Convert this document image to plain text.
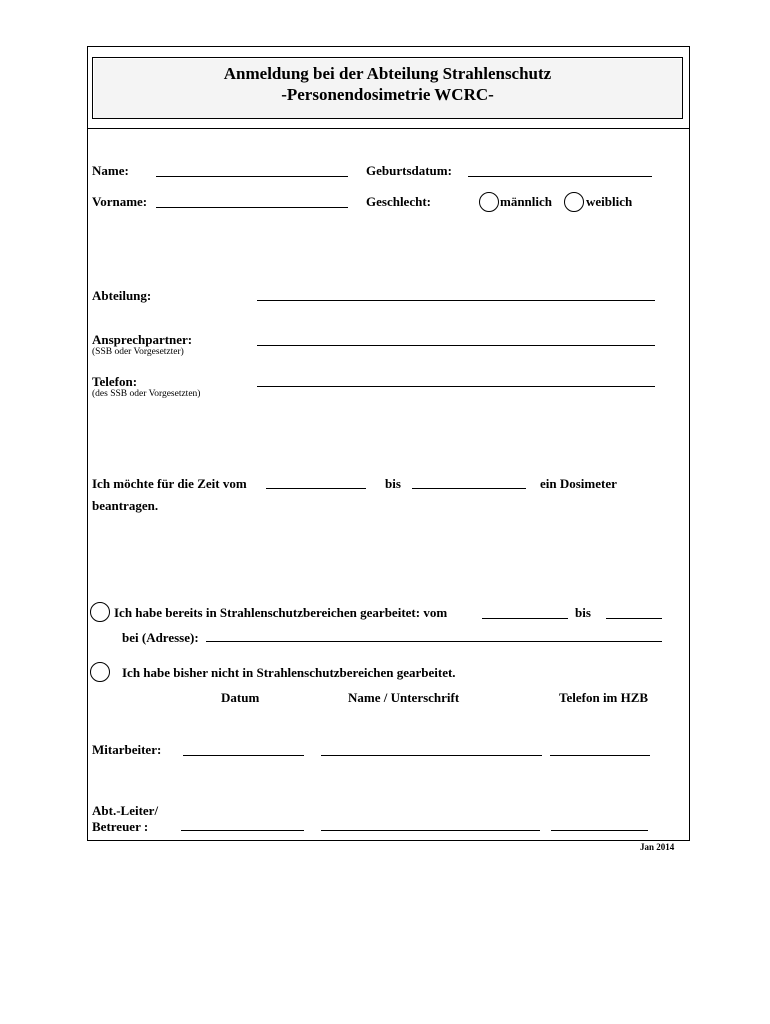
Anmeldung bei der Abteilung Strahlenschutz
-Personendosimetrie WCRC-
Name:	Geburtsdatum:
Vorname:	Geschlecht:	männlich	weiblich
Abteilung:
Ansprechpartner:
(SSB oder Vorgesetzter)
Telefon:
(des SSB oder Vorgesetzten)
Ich möchte für die Zeit vom	bis	ein Dosimeter
beantragen.
Ich habe bereits in Strahlenschutzbereichen gearbeitet: vom	bis
bei (Adresse):
Ich habe bisher nicht in Strahlenschutzbereichen gearbeitet.
Datum	Name / Unterschrift	Telefon im HZB
Mitarbeiter:
Abt.-Leiter/
Betreuer :
Jan 2014
